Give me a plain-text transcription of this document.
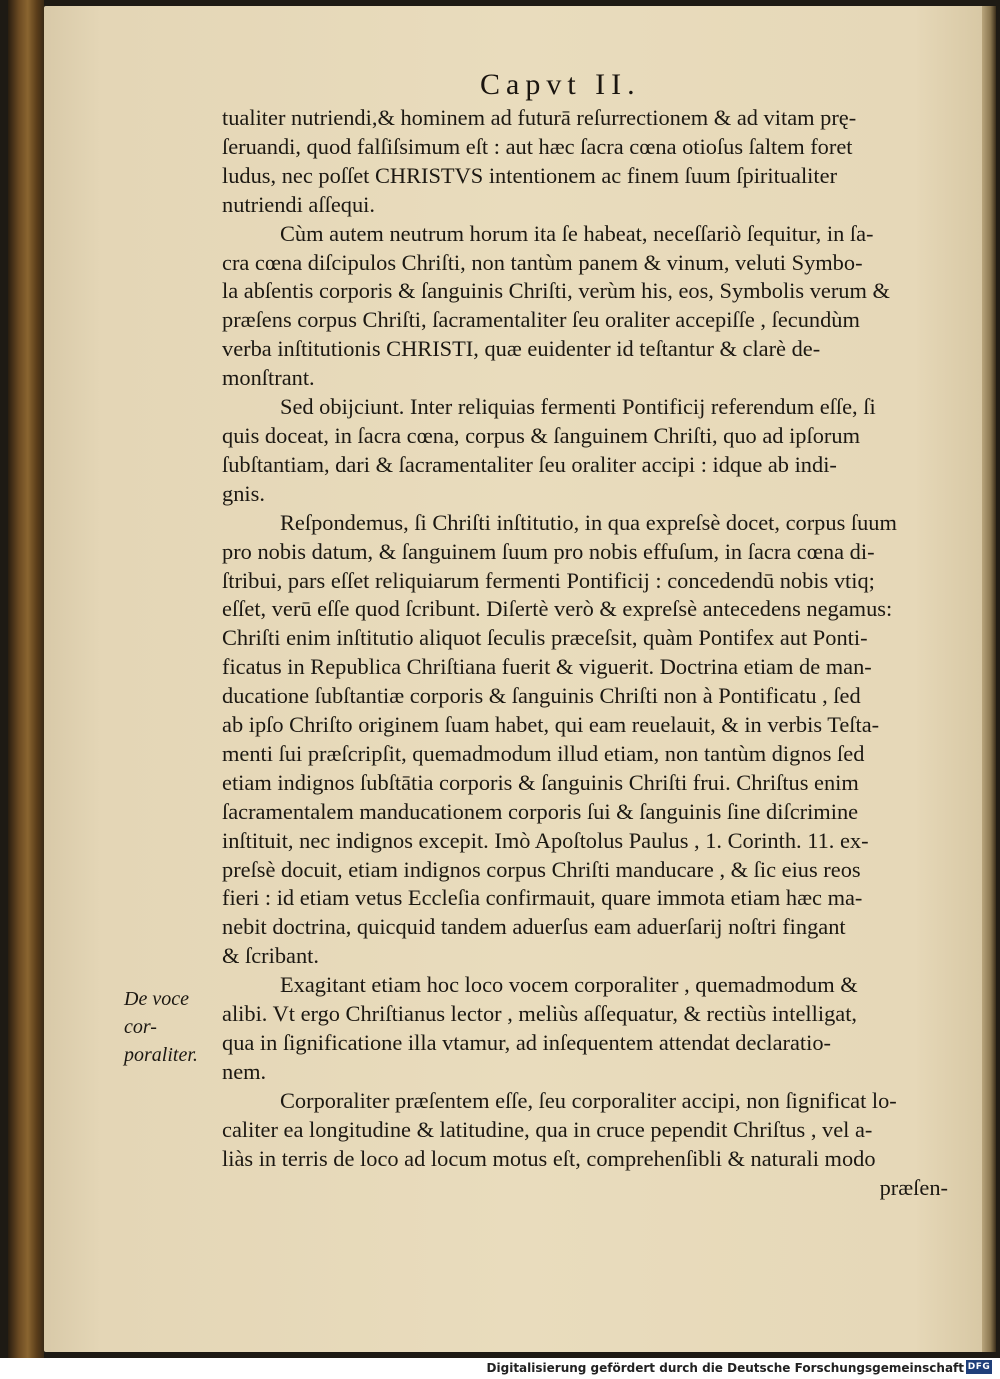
Capvt II.

tualiter nutriendi,& hominem ad futurā reſurrectionem & ad vitam prę-

ſeruandi, quod falſiſsimum eſt : aut hæc ſacra cœna otioſus ſaltem foret

ludus, nec poſſet CHRISTVS intentionem ac finem ſuum ſpiritualiter

nutriendi aſſequi.

Cùm autem neutrum horum ita ſe habeat, neceſſariò ſequitur, in ſa-

cra cœna diſcipulos Chriſti, non tantùm panem & vinum, veluti Symbo-

la abſentis corporis & ſanguinis Chriſti, verùm his, eos, Symbolis verum &

præſens corpus Chriſti, ſacramentaliter ſeu oraliter accepiſſe , ſecundùm

verba inſtitutionis CHRISTI, quæ euidenter id teſtantur & clarè de-

monſtrant.

Sed obijciunt. Inter reliquias fermenti Pontificij referendum eſſe, ſi

quis doceat, in ſacra cœna, corpus & ſanguinem Chriſti, quo ad ipſorum

ſubſtantiam, dari & ſacramentaliter ſeu oraliter accipi : idque ab indi-

gnis.

Reſpondemus, ſi Chriſti inſtitutio, in qua expreſsè docet, corpus ſuum

pro nobis datum, & ſanguinem ſuum pro nobis effuſum, in ſacra cœna di-

ſtribui, pars eſſet reliquiarum fermenti Pontificij : concedendū nobis vtiq;

eſſet, verū eſſe quod ſcribunt. Diſertè verò & expreſsè antecedens negamus:

Chriſti enim inſtitutio aliquot ſeculis præceſsit, quàm Pontifex aut Ponti-

ficatus in Republica Chriſtiana fuerit & viguerit. Doctrina etiam de man-

ducatione ſubſtantiæ corporis & ſanguinis Chriſti non à Pontificatu , ſed

ab ipſo Chriſto originem ſuam habet, qui eam reuelauit, & in verbis Teſta-

menti ſui præſcripſit, quemadmodum illud etiam, non tantùm dignos ſed

etiam indignos ſubſtātia corporis & ſanguinis Chriſti frui. Chriſtus enim

ſacramentalem manducationem corporis ſui & ſanguinis ſine diſcrimine

inſtituit, nec indignos excepit. Imò Apoſtolus Paulus , 1. Corinth. 11. ex-

preſsè docuit, etiam indignos corpus Chriſti manducare , & ſic eius reos

fieri : id etiam vetus Eccleſia confirmauit, quare immota etiam hæc ma-

nebit doctrina, quicquid tandem aduerſus eam aduerſarij noſtri fingant

& ſcribant.

Exagitant etiam hoc loco vocem corporaliter , quemadmodum &

alibi. Vt ergo Chriſtianus lector , meliùs aſſequatur, & rectiùs intelligat,

qua in ſignificatione illa vtamur, ad inſequentem attendat declaratio-

nem.

Corporaliter præſentem eſſe, ſeu corporaliter accipi, non ſignificat lo-

caliter ea longitudine & latitudine, qua in cruce pependit Chriſtus , vel a-

liàs in terris de loco ad locum motus eſt, comprehenſibli & naturali modo

præſen-

De voce cor-
poraliter.
Digitalisierung gefördert durch die Deutsche Forschungsgemeinschaft DFG
